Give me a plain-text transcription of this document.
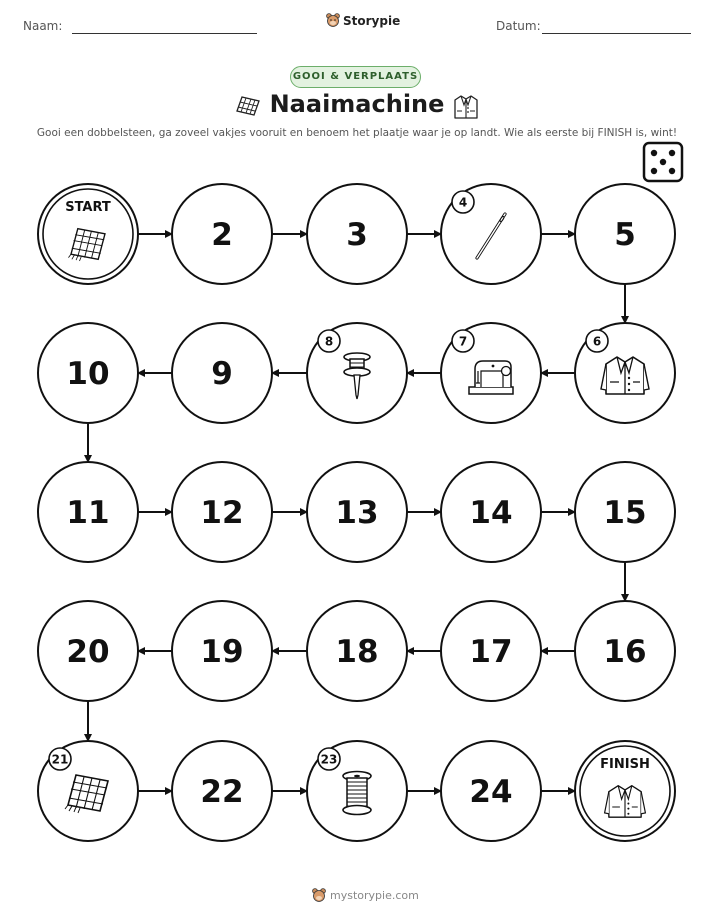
Naam:	Storypie	Datum:
GOOI & VERPLAATS
Naaimachine
Gooi een dobbelsteen, ga zoveel vakjes vooruit en benoem het plaatje waar je op landt. Wie als eerste bij FINISH is, wint!
START
2	3
4
5
6
7
8
9
10
11	12	13	14	15
16
17
18
19
20
21
22
23
24
FINISH
mystorypie.com
